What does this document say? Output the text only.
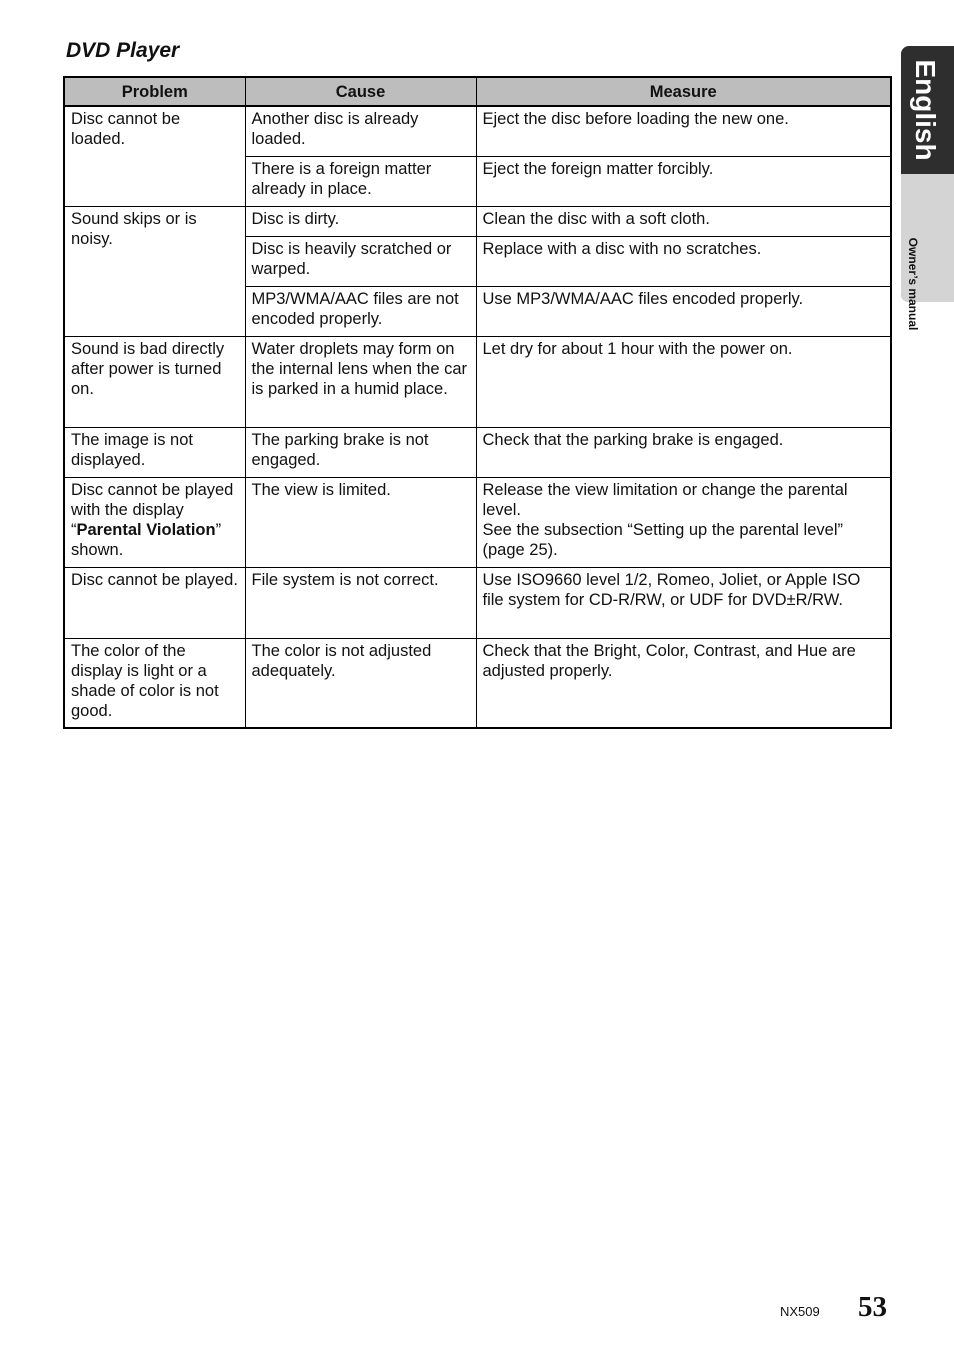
DVD Player
English
Owner’s manual
Problem	Cause	Measure
Disc cannot be loaded.	Another disc is already loaded.	Eject the disc before loading the new one.
	There is a foreign matter already in place.	Eject the foreign matter forcibly.
Sound skips or is noisy.	Disc is dirty.	Clean the disc with a soft cloth.
	Disc is heavily scratched or warped.	Replace with a disc with no scratches.
	MP3/WMA/AAC files are not encoded properly.	Use MP3/WMA/AAC files encoded properly.
Sound is bad directly after power is turned on.	Water droplets may form on the internal lens when the car is parked in a humid place.	Let dry for about 1 hour with the power on.
The image is not displayed.	The parking brake is not engaged.	Check that the parking brake is engaged.
Disc cannot be played with the display “Parental Violation” shown.	The view is limited.	Release the view limitation or change the parental level.
See the subsection “Setting up the parental level” (page 25).

Disc cannot be played.	File system is not correct.	Use ISO9660 level 1/2, Romeo, Joliet, or Apple ISO file system for CD-R/RW, or UDF for DVD±R/RW.
The color of the display is light or a shade of color is not good.	The color is not adjusted adequately.	Check that the Bright, Color, Contrast, and Hue are adjusted properly.
NX509 53
